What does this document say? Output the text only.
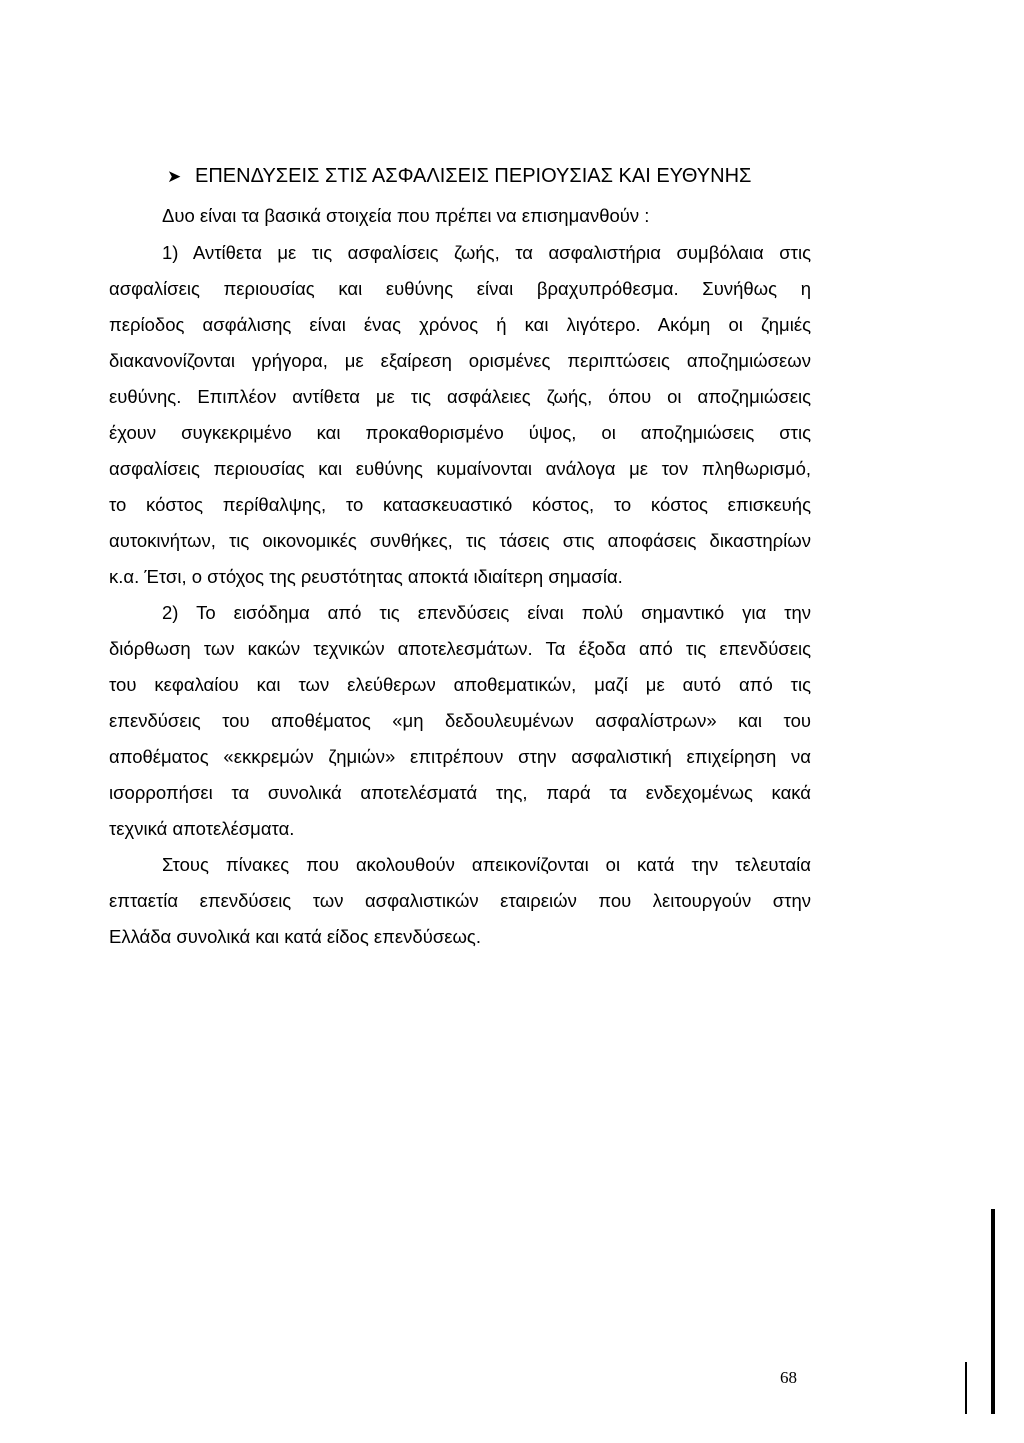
➤ ΕΠΕΝΔΥΣΕΙΣ ΣΤΙΣ ΑΣΦΑΛΙΣΕΙΣ ΠΕΡΙΟΥΣΙΑΣ ΚΑΙ ΕΥΘΥΝΗΣ
Δυο είναι τα βασικά στοιχεία που πρέπει να επισημανθούν :
1) Αντίθετα με τις ασφαλίσεις ζωής, τα ασφαλιστήρια συμβόλαια στις
ασφαλίσεις περιουσίας και ευθύνης είναι βραχυπρόθεσμα. Συνήθως η
περίοδος ασφάλισης είναι ένας χρόνος ή και λιγότερο. Ακόμη οι ζημιές
διακανονίζονται γρήγορα, με εξαίρεση ορισμένες περιπτώσεις αποζημιώσεων
ευθύνης. Επιπλέον αντίθετα με τις ασφάλειες ζωής, όπου οι αποζημιώσεις
έχουν συγκεκριμένο και προκαθορισμένο ύψος, οι αποζημιώσεις στις
ασφαλίσεις περιουσίας και ευθύνης κυμαίνονται ανάλογα με τον πληθωρισμό,
το κόστος περίθαλψης, το κατασκευαστικό κόστος, το κόστος επισκευής
αυτοκινήτων, τις οικονομικές συνθήκες, τις τάσεις στις αποφάσεις δικαστηρίων
κ.α. Έτσι, ο στόχος της ρευστότητας αποκτά ιδιαίτερη σημασία.
2) Το εισόδημα από τις επενδύσεις είναι πολύ σημαντικό για την
διόρθωση των κακών τεχνικών αποτελεσμάτων. Τα έξοδα από τις επενδύσεις
του κεφαλαίου και των ελεύθερων αποθεματικών, μαζί με αυτό από τις
επενδύσεις του αποθέματος «μη δεδουλευμένων ασφαλίστρων» και του
αποθέματος «εκκρεμών ζημιών» επιτρέπουν στην ασφαλιστική επιχείρηση να
ισορροπήσει τα συνολικά αποτελέσματά της, παρά τα ενδεχομένως κακά
τεχνικά αποτελέσματα.
Στους πίνακες που ακολουθούν απεικονίζονται οι κατά την τελευταία
επταετία επενδύσεις των ασφαλιστικών εταιρειών που λειτουργούν στην
Ελλάδα συνολικά και κατά είδος επενδύσεως.
68
